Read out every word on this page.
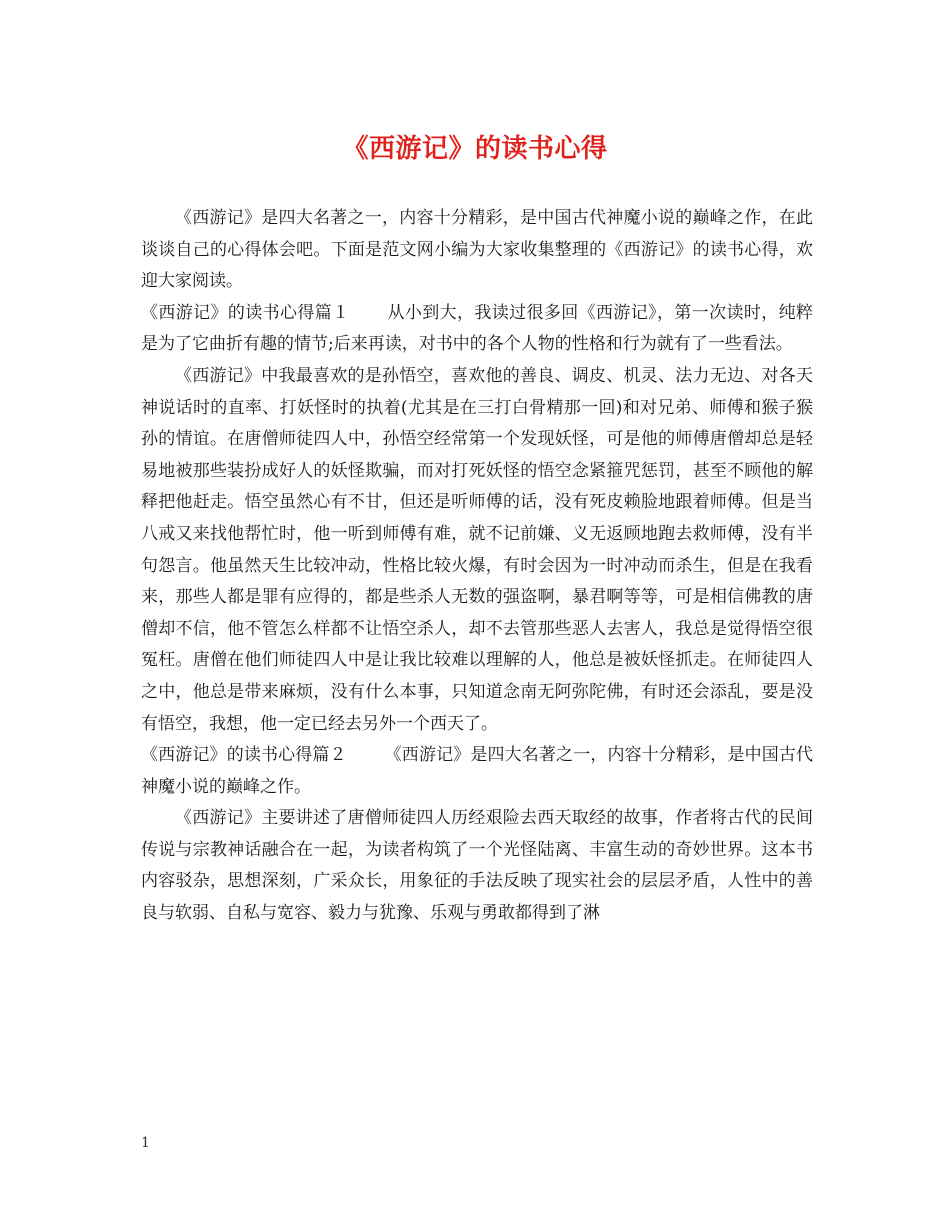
《西游记》的读书心得

《西游记》是四大名著之一，内容十分精彩，是中国古代神魔小说的巅峰之作，在此谈谈自己的心得体会吧。下面是范文网小编为大家收集整理的《西游记》的读书心得，欢迎大家阅读。

《西游记》的读书心得篇１ 从小到大，我读过很多回《西游记》，第一次读时，纯粹是为了它曲折有趣的情节;后来再读，对书中的各个人物的性格和行为就有了一些看法。

《西游记》中我最喜欢的是孙悟空，喜欢他的善良、调皮、机灵、法力无边、对各天神说话时的直率、打妖怪时的执着(尤其是在三打白骨精那一回)和对兄弟、师傅和猴子猴孙的情谊。在唐僧师徒四人中，孙悟空经常第一个发现妖怪，可是他的师傅唐僧却总是轻易地被那些装扮成好人的妖怪欺骗，而对打死妖怪的悟空念紧箍咒惩罚，甚至不顾他的解释把他赶走。悟空虽然心有不甘，但还是听师傅的话，没有死皮赖脸地跟着师傅。但是当八戒又来找他帮忙时，他一听到师傅有难，就不记前嫌、义无返顾地跑去救师傅，没有半句怨言。他虽然天生比较冲动，性格比较火爆，有时会因为一时冲动而杀生，但是在我看来，那些人都是罪有应得的，都是些杀人无数的强盗啊，暴君啊等等，可是相信佛教的唐僧却不信，他不管怎么样都不让悟空杀人，却不去管那些恶人去害人，我总是觉得悟空很冤枉。唐僧在他们师徒四人中是让我比较难以理解的人，他总是被妖怪抓走。在师徒四人之中，他总是带来麻烦，没有什么本事，只知道念南无阿弥陀佛，有时还会添乱，要是没有悟空，我想，他一定已经去另外一个西天了。

《西游记》的读书心得篇２ 《西游记》是四大名著之一，内容十分精彩，是中国古代神魔小说的巅峰之作。

《西游记》主要讲述了唐僧师徒四人历经艰险去西天取经的故事，作者将古代的民间传说与宗教神话融合在一起，为读者构筑了一个光怪陆离、丰富生动的奇妙世界。这本书内容驳杂，思想深刻，广采众长，用象征的手法反映了现实社会的层层矛盾，人性中的善良与软弱、自私与宽容、毅力与犹豫、乐观与勇敢都得到了淋

1
